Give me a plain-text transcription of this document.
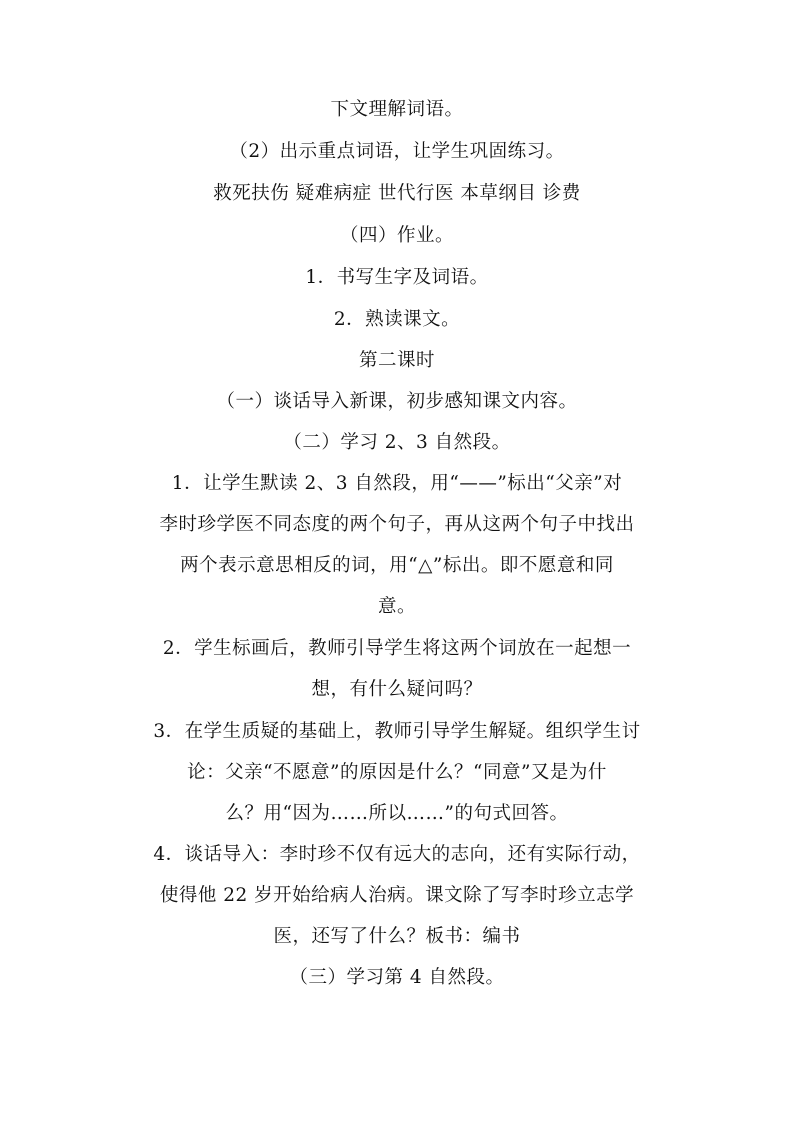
下文理解词语。
（2）出示重点词语，让学生巩固练习。
救死扶伤 疑难病症 世代行医 本草纲目 诊费
（四）作业。
1．书写生字及词语。
2．熟读课文。
第二课时
（一）谈话导入新课，初步感知课文内容。
（二）学习 2、3 自然段。
1．让学生默读 2、3 自然段，用“——”标出“父亲”对
李时珍学医不同态度的两个句子，再从这两个句子中找出
两个表示意思相反的词，用“△”标出。即不愿意和同
意。
2．学生标画后，教师引导学生将这两个词放在一起想一
想，有什么疑问吗？
3．在学生质疑的基础上，教师引导学生解疑。组织学生讨
论：父亲“不愿意”的原因是什么？“同意”又是为什
么？用“因为……所以……”的句式回答。
4．谈话导入：李时珍不仅有远大的志向，还有实际行动，
使得他 22 岁开始给病人治病。课文除了写李时珍立志学
医，还写了什么？板书：编书
（三）学习第 4 自然段。
